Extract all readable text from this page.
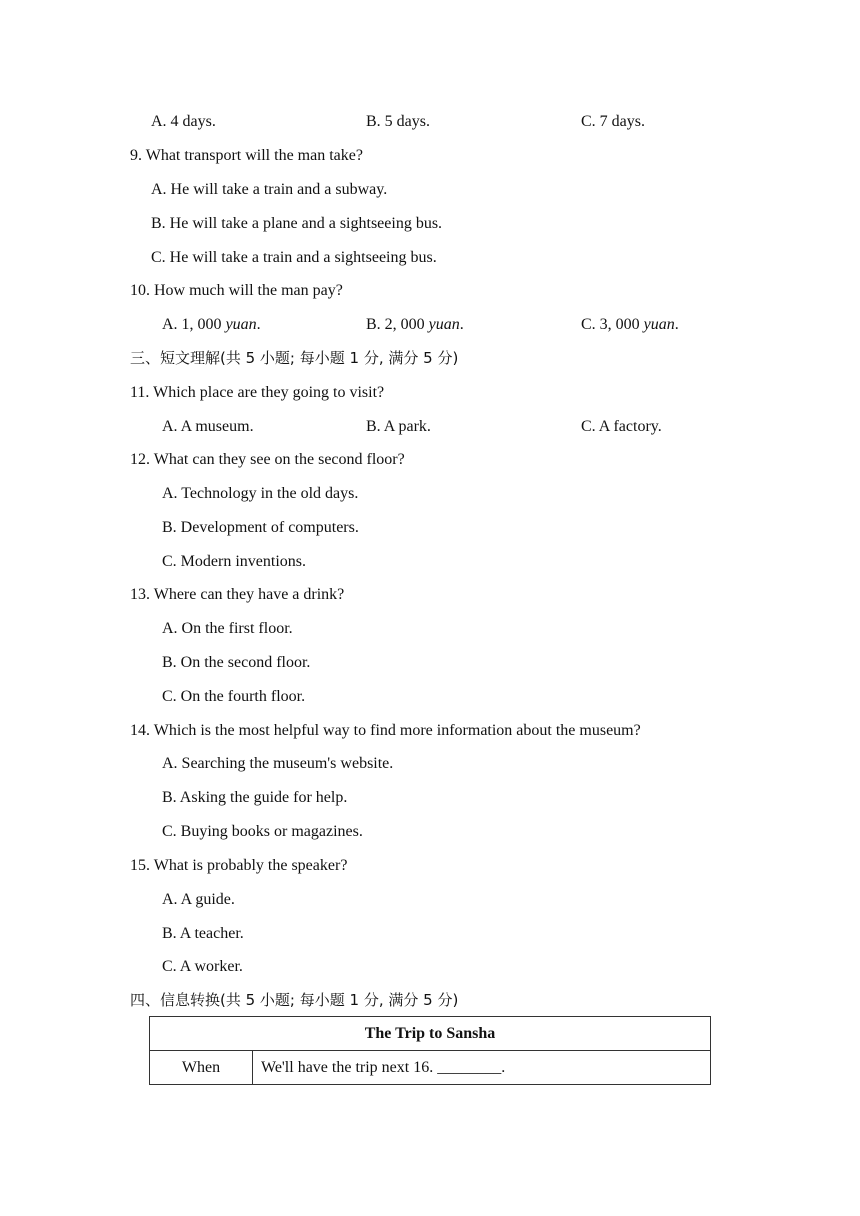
A. 4 days.	B. 5 days.	C. 7 days.
9. What transport will the man take?
A. He will take a train and a subway.
B. He will take a plane and a sightseeing bus.
C. He will take a train and a sightseeing bus.
10. How much will the man pay?
A. 1, 000 yuan.	B. 2, 000 yuan.	C. 3, 000 yuan.
三、短文理解(共 5 小题; 每小题 1 分, 满分 5 分)
11. Which place are they going to visit?
A. A museum.	B. A park.	C. A factory.
12. What can they see on the second floor?
A. Technology in the old days.
B. Development of computers.
C. Modern inventions.
13. Where can they have a drink?
A. On the first floor.
B. On the second floor.
C. On the fourth floor.
14. Which is the most helpful way to find more information about the museum?
A. Searching the museum's website.
B. Asking the guide for help.
C. Buying books or magazines.
15. What is probably the speaker?
A. A guide.
B. A teacher.
C. A worker.
四、信息转换(共 5 小题; 每小题 1 分, 满分 5 分)
The Trip to Sansha
When	We'll have the trip next 16. ________.
